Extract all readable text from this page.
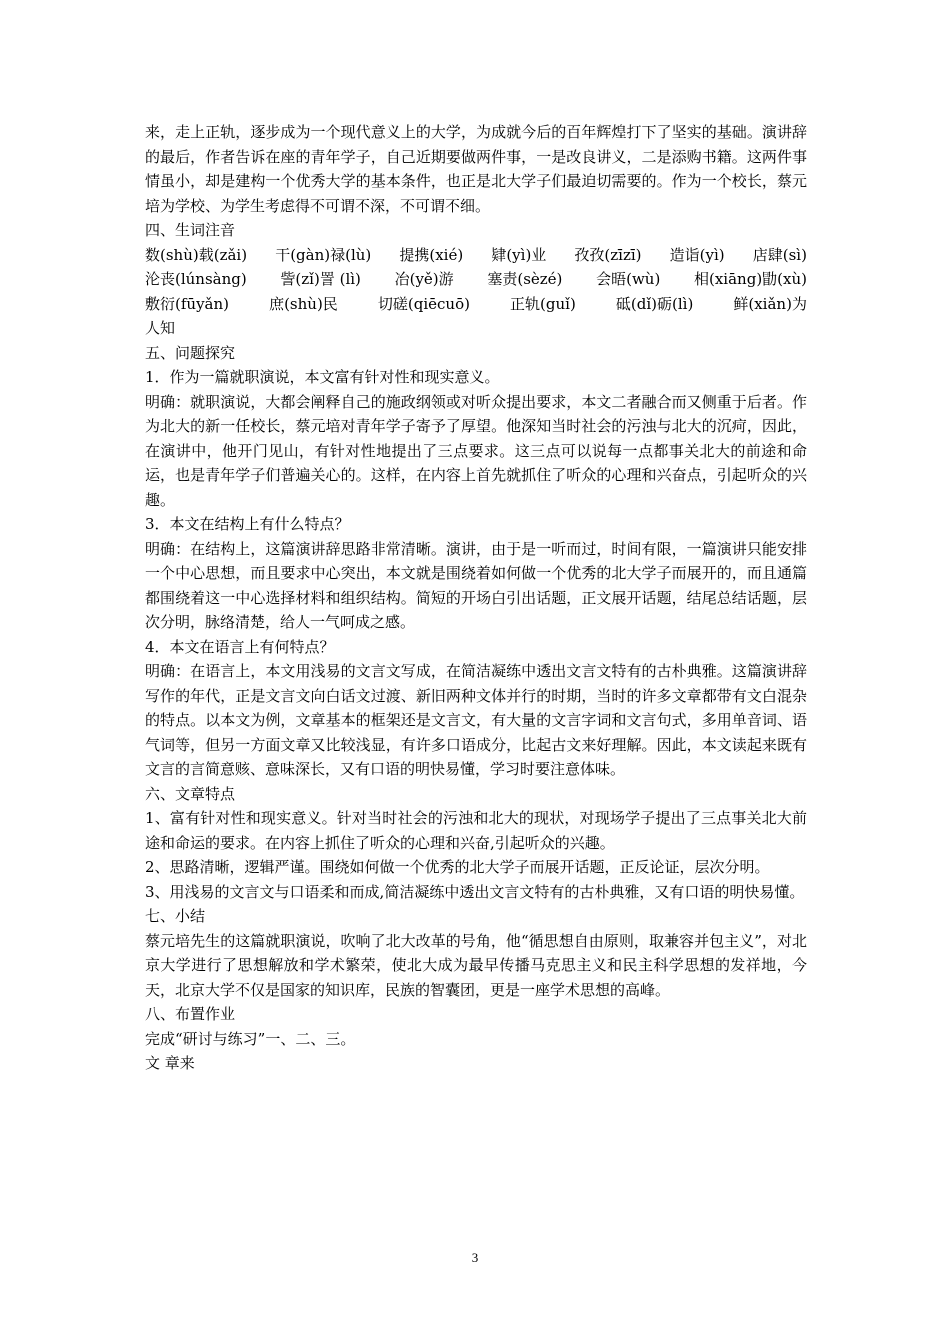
来，走上正轨，逐步成为一个现代意义上的大学，为成就今后的百年辉煌打下了坚实的基础。演讲辞的最后，作者告诉在座的青年学子，自己近期要做两件事，一是改良讲义，二是添购书籍。这两件事情虽小，却是建构一个优秀大学的基本条件，也正是北大学子们最迫切需要的。作为一个校长，蔡元培为学校、为学生考虑得不可谓不深，不可谓不细。

四、生词注音

数(shù)载(zǎi) 干(gàn)禄(lù) 提携(xié) 肄(yì)业 孜孜(zīzī) 造诣(yì) 店肆(sì)
沦丧(lúnsàng) 訾(zǐ)詈 (lì) 冶(yě)游 塞责(sèzé) 会晤(wù) 相(xiāng)勖(xù)
敷衍(fūyǎn)	庶(shù)民	切磋(qiēcuō)	正轨(guǐ)	砥(dǐ)砺(lì)	鲜(xiǎn)为

人知

五、问题探究

1．作为一篇就职演说，本文富有针对性和现实意义。

明确：就职演说，大都会阐释自己的施政纲领或对听众提出要求，本文二者融合而又侧重于后者。作为北大的新一任校长，蔡元培对青年学子寄予了厚望。他深知当时社会的污浊与北大的沉疴，因此，在演讲中，他开门见山，有针对性地提出了三点要求。这三点可以说每一点都事关北大的前途和命运，也是青年学子们普遍关心的。这样，在内容上首先就抓住了听众的心理和兴奋点，引起听众的兴趣。

3．本文在结构上有什么特点？

明确：在结构上，这篇演讲辞思路非常清晰。演讲，由于是一听而过，时间有限，一篇演讲只能安排一个中心思想，而且要求中心突出，本文就是围绕着如何做一个优秀的北大学子而展开的，而且通篇都围绕着这一中心选择材料和组织结构。简短的开场白引出话题，正文展开话题，结尾总结话题，层次分明，脉络清楚，给人一气呵成之感。

4．本文在语言上有何特点？

明确：在语言上，本文用浅易的文言文写成，在简洁凝练中透出文言文特有的古朴典雅。这篇演讲辞写作的年代，正是文言文向白话文过渡、新旧两种文体并行的时期，当时的许多文章都带有文白混杂的特点。以本文为例，文章基本的框架还是文言文，有大量的文言字词和文言句式，多用单音词、语气词等，但另一方面文章又比较浅显，有许多口语成分，比起古文来好理解。因此，本文读起来既有文言的言简意赅、意味深长，又有口语的明快易懂，学习时要注意体味。

六、文章特点

1、富有针对性和现实意义。针对当时社会的污浊和北大的现状，对现场学子提出了三点事关北大前途和命运的要求。在内容上抓住了听众的心理和兴奋,引起听众的兴趣。

2、思路清晰，逻辑严谨。围绕如何做一个优秀的北大学子而展开话题，正反论证，层次分明。

3、用浅易的文言文与口语柔和而成,简洁凝练中透出文言文特有的古朴典雅，又有口语的明快易懂。

七、小结

蔡元培先生的这篇就职演说，吹响了北大改革的号角，他“循思想自由原则，取兼容并包主义”，对北京大学进行了思想解放和学术繁荣，使北大成为最早传播马克思主义和民主科学思想的发祥地，今天，北京大学不仅是国家的知识库，民族的智囊团，更是一座学术思想的高峰。

八、布置作业

完成“研讨与练习”一、二、三。

文 章来

3
